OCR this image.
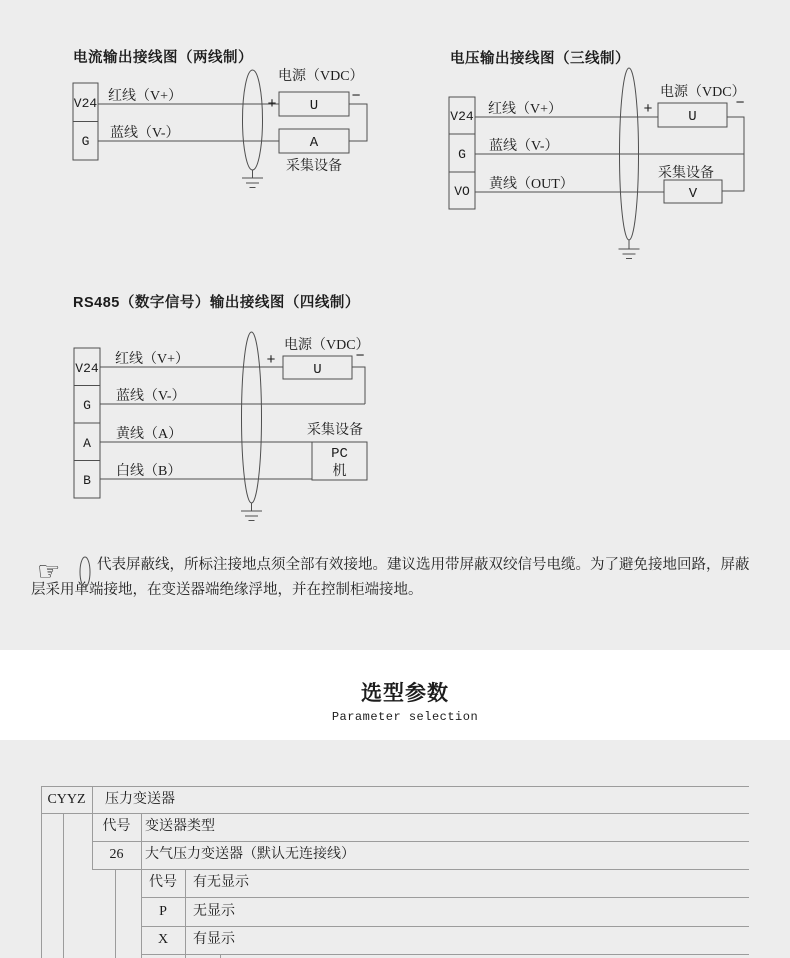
电流输出接线图（两线制）
V24
G
红线（V+）
蓝线（V-）
电源（VDC）
+	−
U
A
采集设备
电压输出接线图（三线制）
V24
G
VO
红线（V+）
蓝线（V-）
黄线（OUT）
电源（VDC）
+	−
U
采集设备
V
RS485（数字信号）输出接线图（四线制）
V24
G
A
B
红线（V+）
蓝线（V-）
黄线（A）
白线（B）
电源（VDC）
+	−
U
采集设备
PC
机
☞	代表屏蔽线，所标注接地点须全部有效接地。建议选用带屏蔽双绞信号电缆。为了避免接地回路，屏蔽层采用单端接地，在变送器端绝缘浮地，并在控制柜端接地。
选型参数
Parameter selection
CYYZ	压力变送器
代号	变送器类型
26	大气压力变送器（默认无连接线）
代号	有无显示
P	无显示
X	有显示
